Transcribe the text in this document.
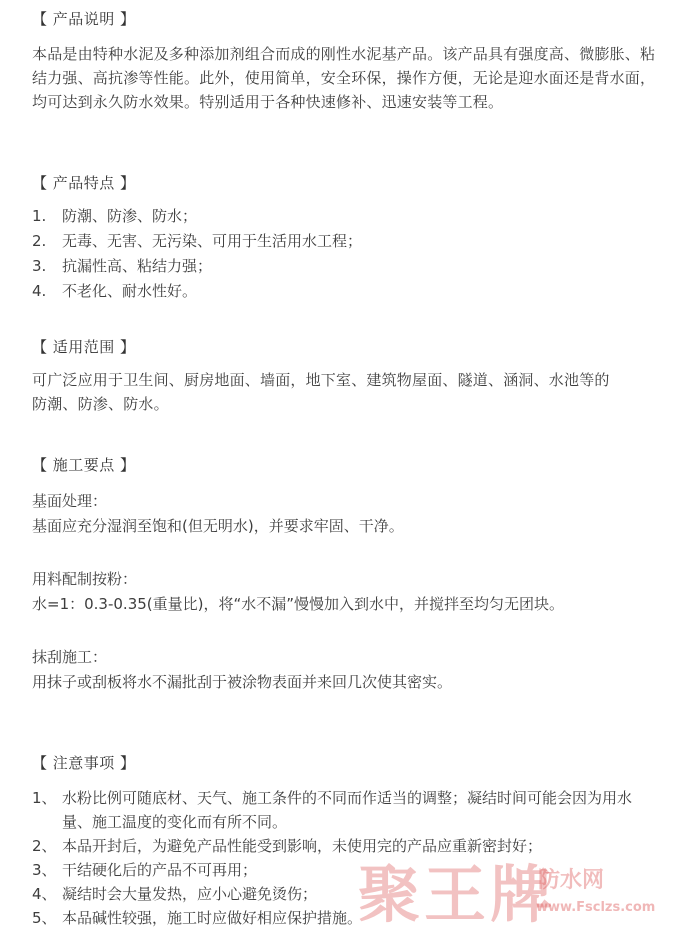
【 产品说明 】

本品是由特种水泥及多种添加剂组合而成的刚性水泥基产品。该产品具有强度高、微膨胀、粘结力强、高抗渗等性能。此外，使用简单，安全环保，操作方便，无论是迎水面还是背水面，均可达到永久防水效果。特别适用于各种快速修补、迅速安装等工程。

【 产品特点 】
1.	防潮、防渗、防水；
2.	无毒、无害、无污染、可用于生活用水工程；
3.	抗漏性高、粘结力强；
4.	不老化、耐水性好。
【 适用范围 】

可广泛应用于卫生间、厨房地面、墙面，地下室、建筑物屋面、隧道、涵洞、水池等的防潮、防渗、防水。

【 施工要点 】

基面处理：

基面应充分湿润至饱和(但无明水)，并要求牢固、干净。

用料配制按粉：

水=1：0.3-0.35(重量比)，将“水不漏”慢慢加入到水中，并搅拌至均匀无团块。

抹刮施工：

用抹子或刮板将水不漏批刮于被涂物表面并来回几次使其密实。

【 注意事项 】
1、 水粉比例可随底材、天气、施工条件的不同而作适当的调整；凝结时间可能会因为用水量、施工温度的变化而有所不同。
2、 本品开封后，为避免产品性能受到影响，未使用完的产品应重新密封好；
3、 干结硬化后的产品不可再用；
4、 凝结时会大量发热，应小心避免烫伤；
5、 本品碱性较强，施工时应做好相应保护措施。
聚王牌
防水网
www.Fsclzs.com
